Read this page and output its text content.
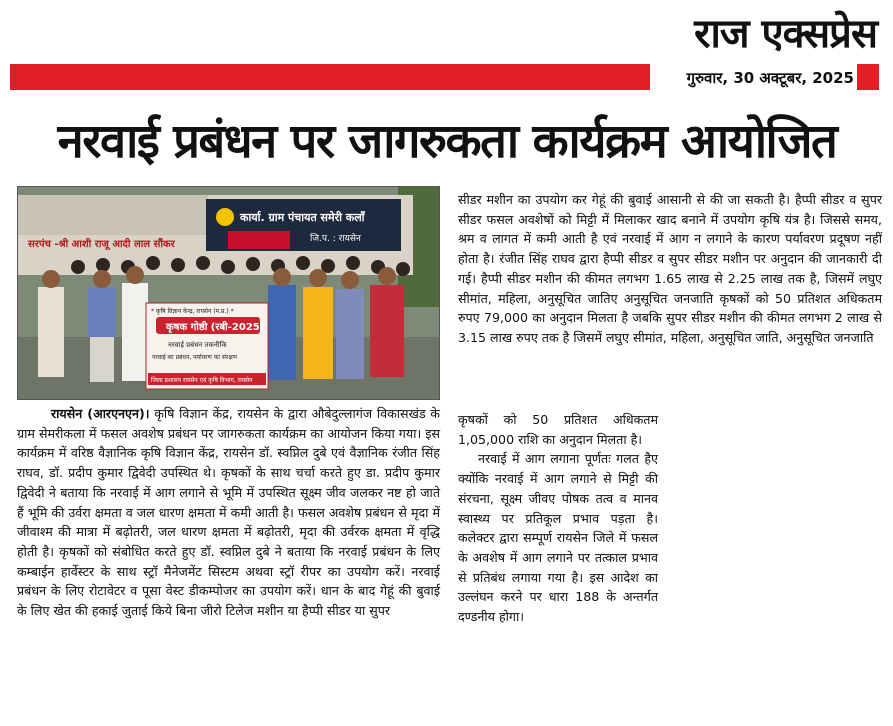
राज एक्सप्रेस
गुरुवार, 30 अक्टूबर, 2025
नरवाई प्रबंधन पर जागरुकता कार्यक्रम आयोजित
कार्या. ग्राम पंचायत समेरी कलाँ
जि.प. : रायसेन
सरपंच -श्री आशी राजू आदी लाल सौंकर
* कृषि विज्ञान केन्द्र, रायसेन (म.प्र.) *
कृषक गोष्ठी (रबी-2025)
नरवाई प्रबंधन तकनीकि
नरवाई का प्रबंधन, पर्यावरण का संरक्षण
जिला प्रशासन रायसेन एवं कृषि विभाग, रायसेन

रायसेन (आरएनएन)। कृषि विज्ञान केंद्र, रायसेन के द्वारा औबेदुल्लागंज विकासखंड के ग्राम सेमरीकला में फसल अवशेष प्रबंधन पर जागरुकता कार्यक्रम का आयोजन किया गया। इस कार्यक्रम में वरिष्ठ वैज्ञानिक कृषि विज्ञान केंद्र, रायसेन डॉ. स्वप्निल दुबे एवं वैज्ञानिक रंजीत सिंह राघव, डॉ. प्रदीप कुमार द्विवेदी उपस्थित थे। कृषकों के साथ चर्चा करते हुए डा. प्रदीप कुमार द्विवेदी ने बताया कि नरवाई में आग लगाने से भूमि में उपस्थित सूक्ष्म जीव जलकर नष्ट हो जाते हैं भूमि की उर्वरा क्षमता व जल धारण क्षमता में कमी आती है। फसल अवशेष प्रबंधन से मृदा में जीवाश्म की मात्रा में बढ़ोतरी, जल धारण क्षमता में बढ़ोतरी, मृदा की उर्वरक क्षमता में वृद्धि होती है। कृषकों को संबोधित करते हुए डॉ. स्वप्निल दुबे ने बताया कि नरवाई प्रबंधन के लिए कम्बाईन हार्वेस्टर के साथ स्ट्रॉ मैनेजमेंट सिस्टम अथवा स्ट्रॉ रीपर का उपयोग करें। नरवाई प्रबंधन के लिए रोटावेटर व पूसा वेस्ट डीकम्पोजर का उपयोग करें। धान के बाद गेहूं की बुवाई के लिए खेत की हकाई जुताई किये बिना जीरो टिलेज मशीन या हैप्पी सीडर या सुपर

सीडर मशीन का उपयोग कर गेहूं की बुवाई आसानी से की जा सकती है। हैप्पी सीडर व सुपर सीडर फसल अवशेषों को मिट्टी में मिलाकर खाद बनाने में उपयोग कृषि यंत्र है। जिससे समय, श्रम व लागत में कमी आती है एवं नरवाई में आग न लगाने के कारण पर्यावरण प्रदूषण नहीं होता है। रंजीत सिंह राघव द्वारा हैप्पी सीडर व सुपर सीडर मशीन पर अनुदान की जानकारी दी गई। हैप्पी सीडर मशीन की कीमत लगभग 1.65 लाख से 2.25 लाख तक है, जिसमें लघुए सीमांत, महिला, अनुसूचित जातिए अनुसूचित जनजाति कृषकों को 50 प्रतिशत अधिकतम रुपए 79,000 का अनुदान मिलता है जबकि सुपर सीडर मशीन की कीमत लगभग 2 लाख से 3.15 लाख रुपए तक है जिसमें लघुए सीमांत, महिला, अनुसूचित जाति, अनुसूचित जनजाति

कृषकों को 50 प्रतिशत अधिकतम 1,05,000 राशि का अनुदान मिलता है।

नरवाई में आग लगाना पूर्णतः गलत हैए क्योंकि नरवाई में आग लगाने से मिट्टी की संरचना, सूक्ष्म जीवए पोषक तत्व व मानव स्वास्थ्य पर प्रतिकूल प्रभाव पड़ता है। कलेक्टर द्वारा सम्पूर्ण रायसेन जिले में फसल के अवशेष में आग लगाने पर तत्काल प्रभाव से प्रतिबंध लगाया गया है। इस आदेश का उल्लंघन करने पर धारा 188 के अन्तर्गत दण्डनीय होगा।
